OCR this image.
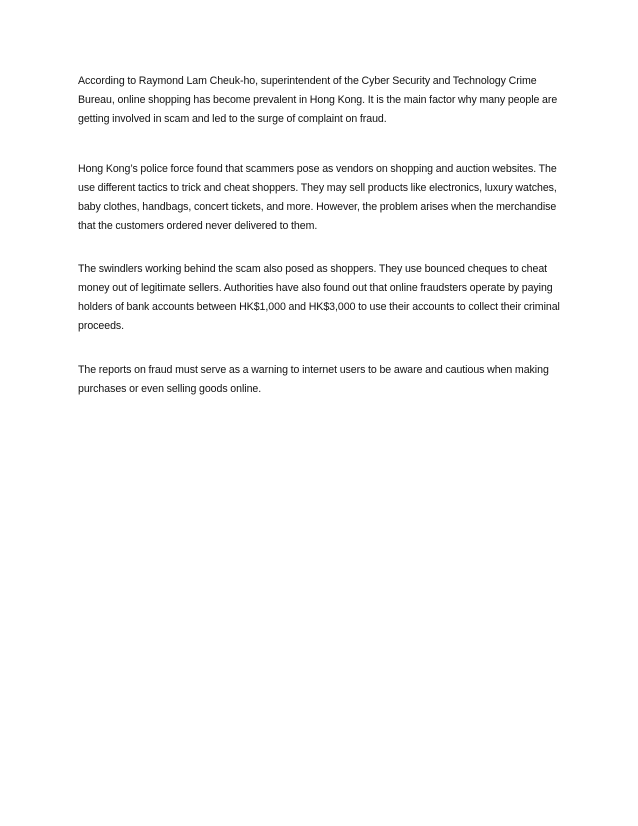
According to Raymond Lam Cheuk-ho, superintendent of the Cyber Security and Technology Crime Bureau, online shopping has become prevalent in Hong Kong. It is the main factor why many people are getting involved in scam and led to the surge of complaint on fraud.

Hong Kong’s police force found that scammers pose as vendors on shopping and auction websites. The use different tactics to trick and cheat shoppers. They may sell products like electronics, luxury watches, baby clothes, handbags, concert tickets, and more. However, the problem arises when the merchandise that the customers ordered never delivered to them.

The swindlers working behind the scam also posed as shoppers. They use bounced cheques to cheat money out of legitimate sellers. Authorities have also found out that online fraudsters operate by paying holders of bank accounts between HK$1,000 and HK$3,000 to use their accounts to collect their criminal proceeds.

The reports on fraud must serve as a warning to internet users to be aware and cautious when making purchases or even selling goods online.
